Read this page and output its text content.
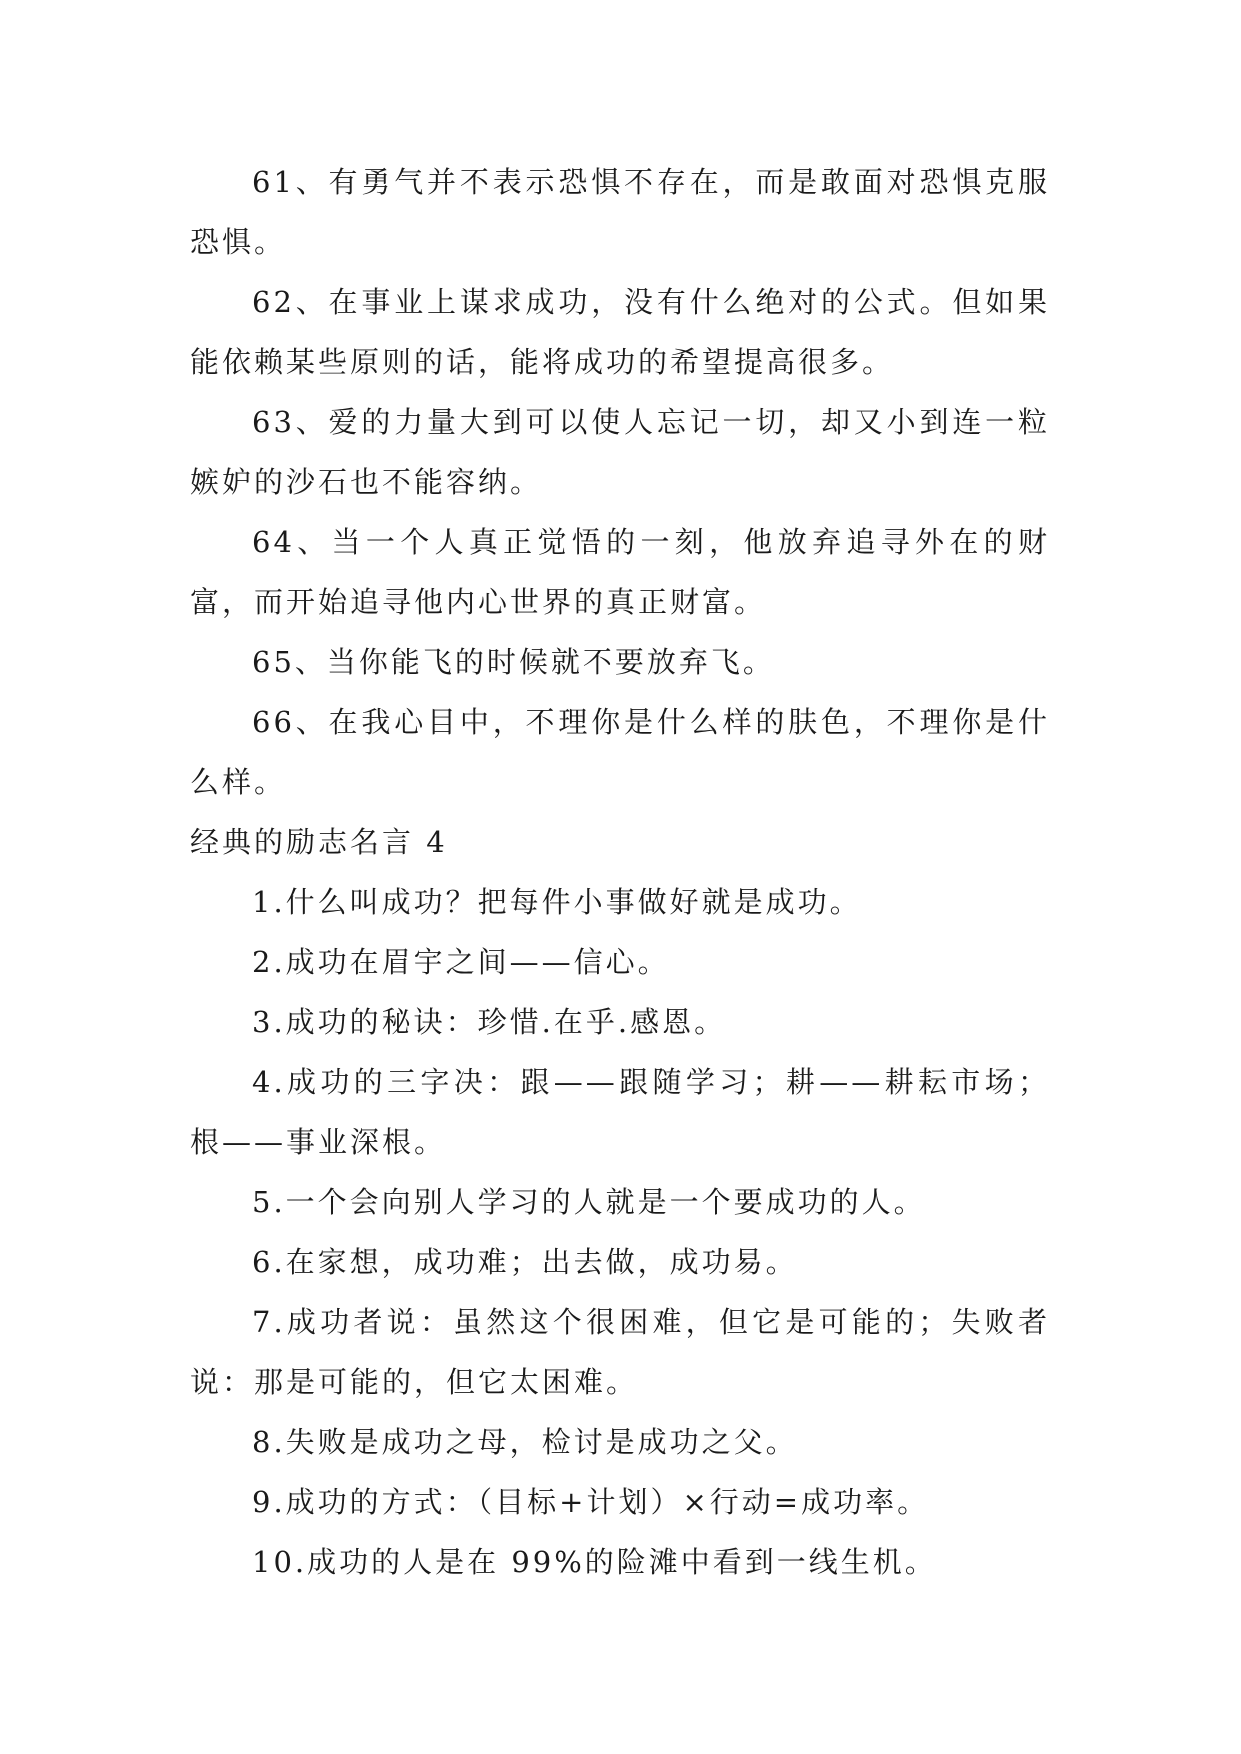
61、有勇气并不表示恐惧不存在，而是敢面对恐惧克服恐惧。

62、在事业上谋求成功，没有什么绝对的公式。但如果能依赖某些原则的话，能将成功的希望提高很多。

63、爱的力量大到可以使人忘记一切，却又小到连一粒嫉妒的沙石也不能容纳。

64、当一个人真正觉悟的一刻，他放弃追寻外在的财富，而开始追寻他内心世界的真正财富。

65、当你能飞的时候就不要放弃飞。

66、在我心目中，不理你是什么样的肤色，不理你是什么样。

经典的励志名言 4

1.什么叫成功？把每件小事做好就是成功。

2.成功在眉宇之间——信心。

3.成功的秘诀：珍惜.在乎.感恩。

4.成功的三字决：跟——跟随学习；耕——耕耘市场；根——事业深根。

5.一个会向别人学习的人就是一个要成功的人。

6.在家想，成功难；出去做，成功易。

7.成功者说：虽然这个很困难，但它是可能的；失败者说：那是可能的，但它太困难。

8.失败是成功之母，检讨是成功之父。

9.成功的方式：（目标+计划）×行动=成功率。

10.成功的人是在 99%的险滩中看到一线生机。
